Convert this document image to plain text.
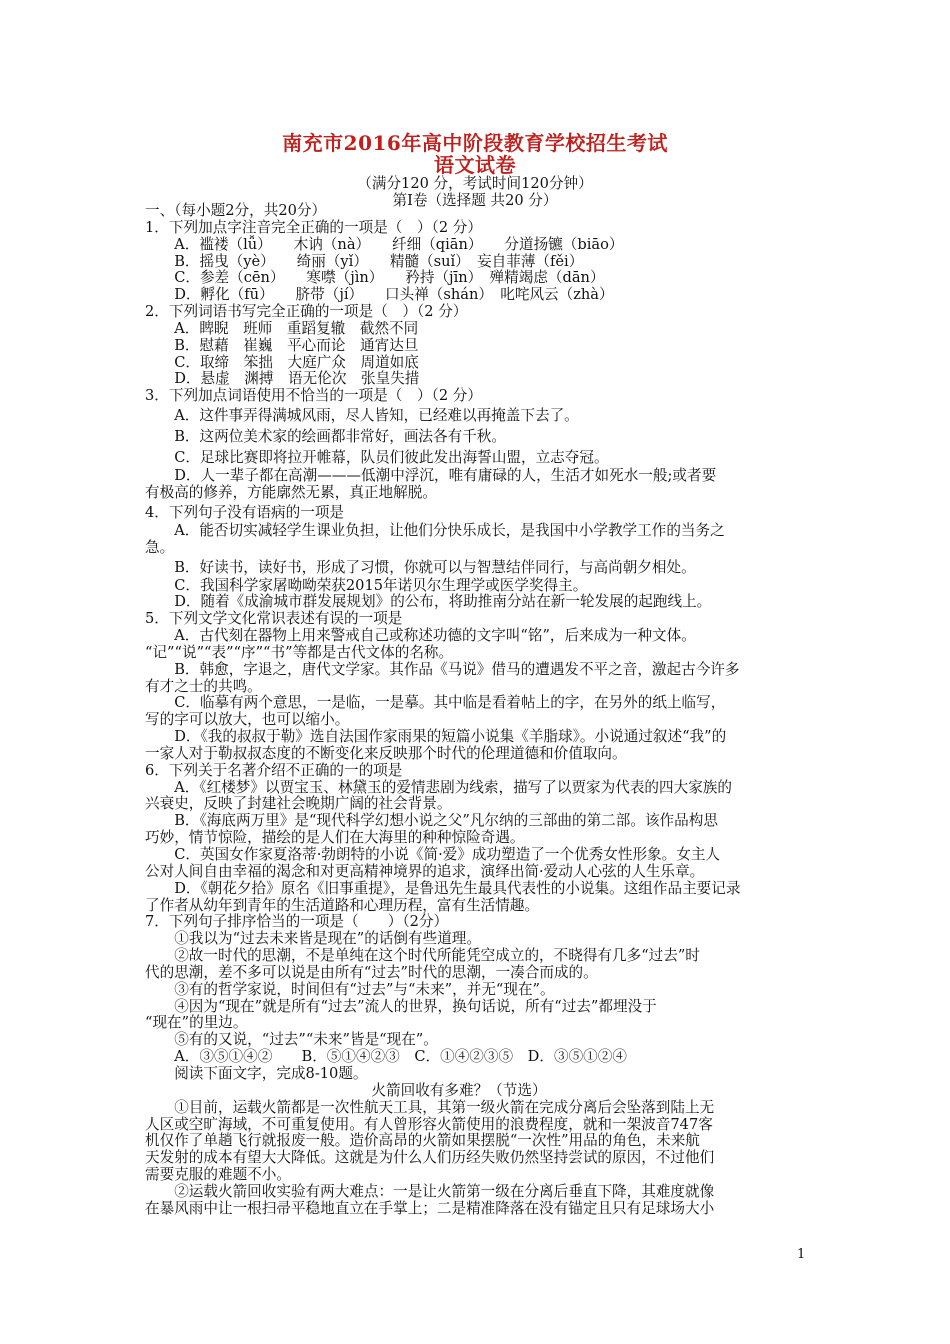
南充市2016年高中阶段教育学校招生考试
语文试卷
（满分120 分，考试时间120分钟）
第Ⅰ卷（选择题 共20 分）
一、（每小题2分，共20分）
1．下列加点字注音完全正确的一项是（　）（2 分）
　　A．褴褛（lǚ）　　木讷（nà）　　纤细（qiān）　　分道扬镳（biāo）
　　B．摇曳（yè）　　绮丽（yǐ）　　精髓（suǐ）　妄自菲薄（fěi）
　　C．参差（cēn）　　寒噤（jìn）　　矜持（jīn）　殚精竭虑（dān）
　　D．孵化（fū）　　脐带（jí）　　口头禅（shán）　叱咤风云（zhà）
2．下列词语书写完全正确的一项是（　）（2 分）
　　A．睥睨　班师　重蹈复辙　截然不同
　　B．慰藉　崔巍　平心而论　通宵达旦
　　C．取缔　笨拙　大庭广众　周道如底
　　D．悬虚　渊搏　语无伦次　张皇失措
3．下列加点词语使用不恰当的一项是（　）（2 分）
　　A．这件事弄得满城风雨，尽人皆知，已经难以再掩盖下去了。
　　B．这两位美术家的绘画都非常好，画法各有千秋。
　　C．足球比赛即将拉开帷幕，队员们彼此发出海誓山盟，立志夺冠。
　　D．人一辈子都在高潮———低潮中浮沉，唯有庸碌的人，生活才如死水一般;或者要
有极高的修养，方能廓然无累，真正地解脱。
4．下列句子没有语病的一项是
　　A．能否切实减轻学生课业负担，让他们分快乐成长，是我国中小学教学工作的当务之
急。
　　B．好读书，读好书，形成了习惯，你就可以与智慧结伴同行，与高尚朝夕相处。
　　C．我国科学家屠呦呦荣获2015年诺贝尔生理学或医学奖得主。
　　D．随着《成渝城市群发展规划》的公布，将助推南分站在新一轮发展的起跑线上。
5．下列文学文化常识表述有误的一项是
　　A．古代刻在器物上用来警戒自己或称述功德的文字叫“铭”，后来成为一种文体。
“记”“说”“表”“序”“书”等都是古代文体的名称。
　　B．韩愈，字退之，唐代文学家。其作品《马说》借马的遭遇发不平之音，激起古今许多
有才之士的共鸣。
　　C．临摹有两个意思，一是临，一是摹。其中临是看着帖上的字，在另外的纸上临写，
写的字可以放大，也可以缩小。
　　D．《我的叔叔于勒》选自法国作家雨果的短篇小说集《羊脂球》。小说通过叙述“我”的
一家人对于勒叔叔态度的不断变化来反映那个时代的伦理道德和价值取向。
6．下列关于名著介绍不正确的一的项是
　　A．《红楼梦》以贾宝玉、林黛玉的爱情悲剧为线索，描写了以贾家为代表的四大家族的
兴衰史，反映了封建社会晚期广阔的社会背景。
　　B．《海底两万里》是“现代科学幻想小说之父”凡尔纳的三部曲的第二部。该作品构思
巧妙，情节惊险，描绘的是人们在大海里的种种惊险奇遇。
　　C．英国女作家夏洛蒂·勃朗特的小说《简·爱》成功塑造了一个优秀女性形象。女主人
公对人间自由幸福的渴念和对更高精神境界的追求，演绎出简·爱动人心弦的人生乐章。
　　D．《朝花夕拾》原名《旧事重提》，是鲁迅先生最具代表性的小说集。这组作品主要记录
了作者从幼年到青年的生活道路和心理历程，富有生活情趣。
7．下列句子排序恰当的一项是（　　）（2分）
　　①我以为“过去未来皆是现在”的话倒有些道理。
　　②故一时代的思潮，不是单纯在这个时代所能凭空成立的，不晓得有几多“过去”时
代的思潮，差不多可以说是由所有“过去”时代的思潮，一凑合而成的。
　　③有的哲学家说，时间但有“过去”与“未来”，并无“现在”。
　　④因为“现在”就是所有“过去”流人的世界，换句话说，所有“过去”都埋没于
“现在”的里边。
　　⑤有的又说，“过去”“未来”皆是“现在”。
　　A．③⑤①④②　　B．⑤①④②③　C．①④②③⑤　D．③⑤①②④
　　阅读下面文字，完成8-10题。
火箭回收有多难？（节选）
　　①目前，运载火箭都是一次性航天工具，其第一级火箭在完成分离后会坠落到陆上无
人区或空旷海域，不可重复使用。有人曾形容火箭使用的浪费程度，就和一架波音747客
机仅作了单趟飞行就报废一般。造价高昂的火箭如果摆脱“一次性”用品的角色，未来航
天发射的成本有望大大降低。这就是为什么人们历经失败仍然坚持尝试的原因，不过他们
需要克服的难题不小。
　　②运载火箭回收实验有两大难点：一是让火箭第一级在分离后垂直下降，其难度就像
在暴风雨中让一根扫帚平稳地直立在手掌上；二是精准降落在没有锚定且只有足球场大小
1
